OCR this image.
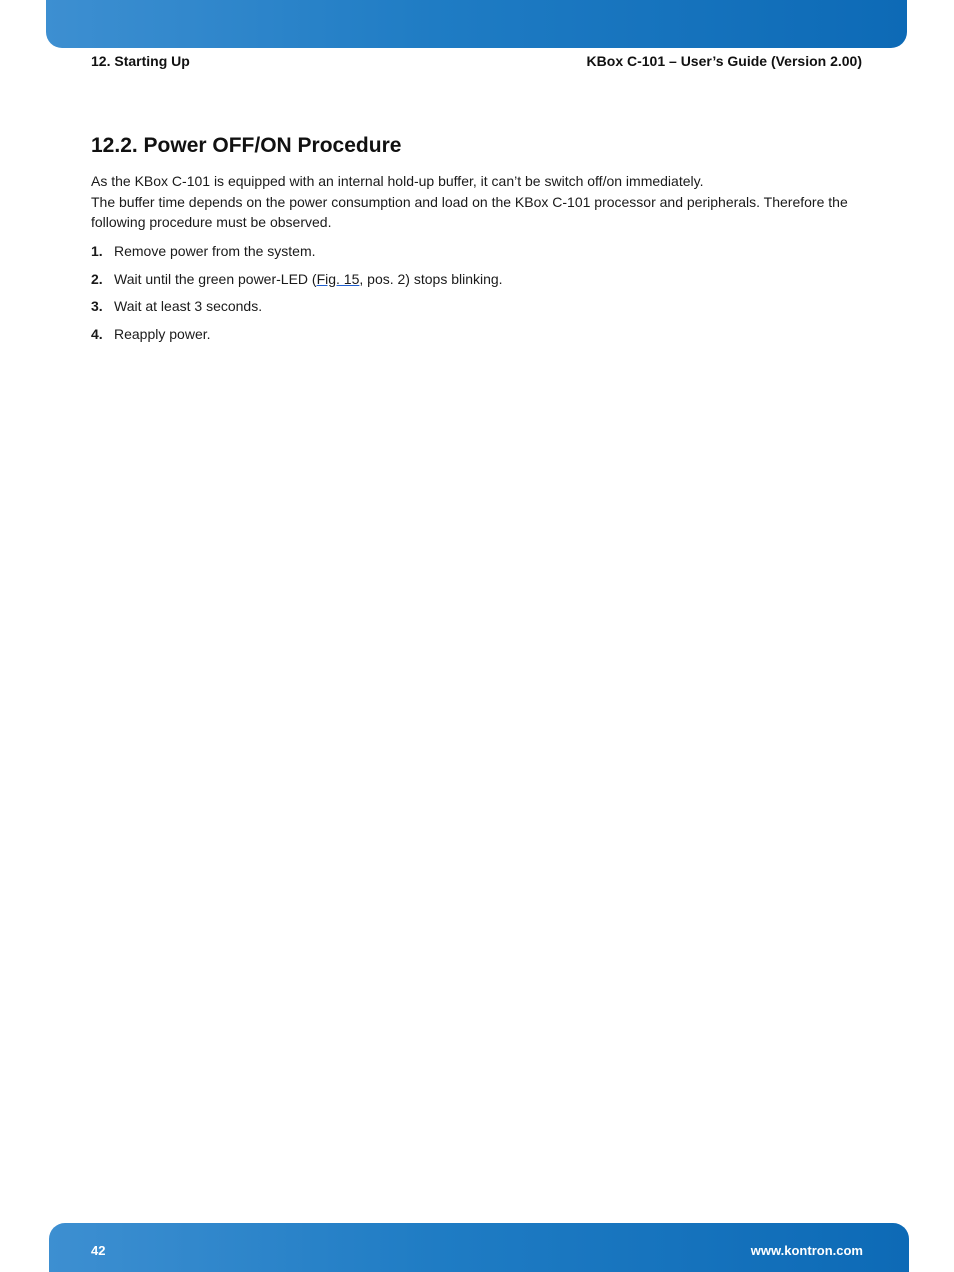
12. Starting Up	KBox C-101 – User’s Guide (Version 2.00)
12.2. Power OFF/ON Procedure

As the KBox C-101 is equipped with an internal hold-up buffer, it can’t be switch off/on immediately.

The buffer time depends on the power consumption and load on the KBox C-101 processor and peripherals. Therefore the following procedure must be observed.

1. Remove power from the system.
2. Wait until the green power-LED (Fig. 15, pos. 2) stops blinking.
3. Wait at least 3 seconds.
4. Reapply power.
42	www.kontron.com
